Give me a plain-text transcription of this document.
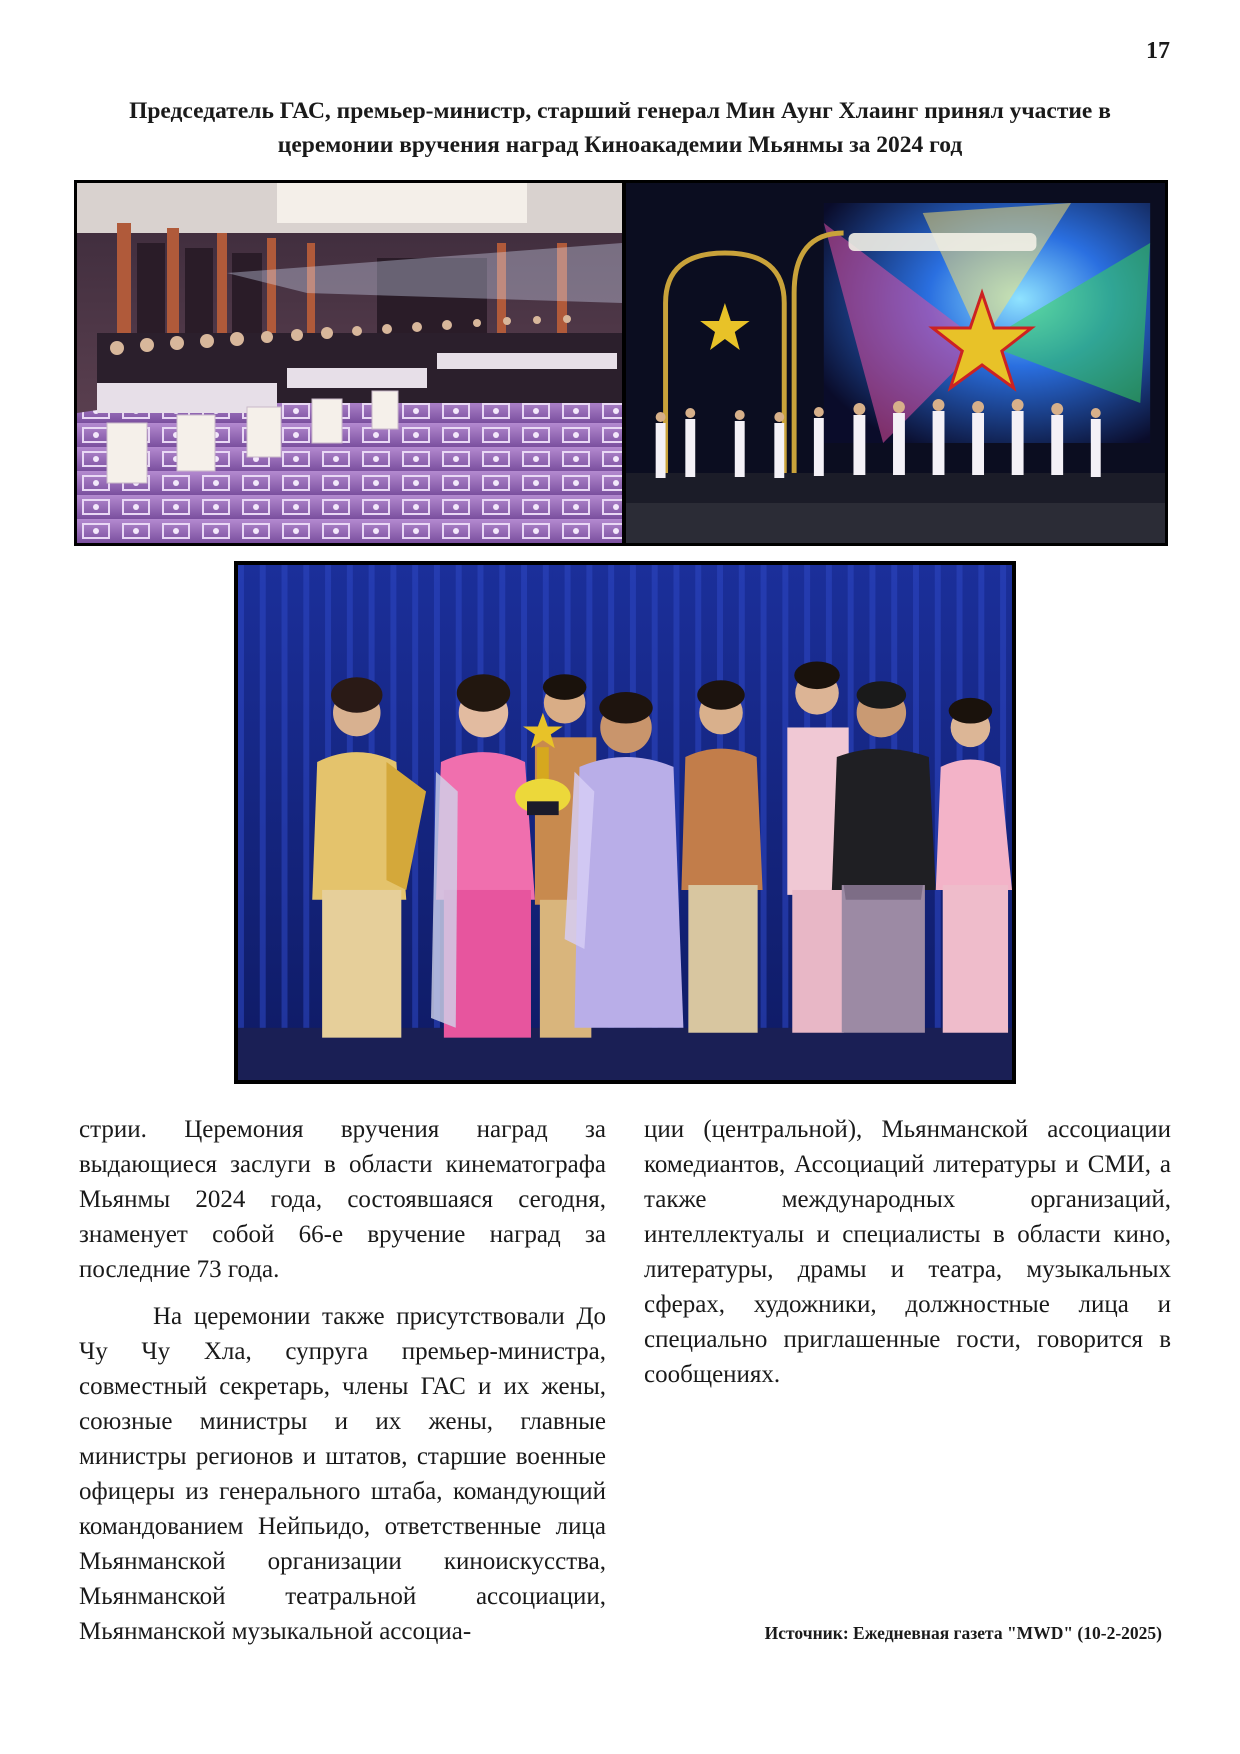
17
Председатель ГАС, премьер-министр, старший генерал Мин Аунг Хлаинг принял участие в церемонии вручения наград Киноакадемии Мьянмы за 2024 год

стрии. Церемония вручения наград за выдающиеся заслуги в области кинематографа Мьянмы 2024 года, состоявшаяся сегодня, знаменует собой 66-е вручение наград за последние 73 года.

На церемонии также присутствовали До Чу Чу Хла, супруга премьер-министра, совместный секретарь, члены ГАС и их жены, союзные министры и их жены, главные министры регионов и штатов, старшие военные офицеры из генерального штаба, командующий командованием Нейпьидо, ответственные лица Мьянманской организации киноискусства, Мьянманской театральной ассоциации, Мьянманской музыкальной ассоциа-

ции (центральной), Мьянманской ассоциации комедиантов, Ассоциаций литературы и СМИ, а также международных организаций, интеллектуалы и специалисты в области кино, литературы, драмы и театра, музыкальных сферах, художники, должностные лица и специально приглашенные гости, говорится в сообщениях.

Источник: Ежедневная газета "MWD" (10-2-2025)
